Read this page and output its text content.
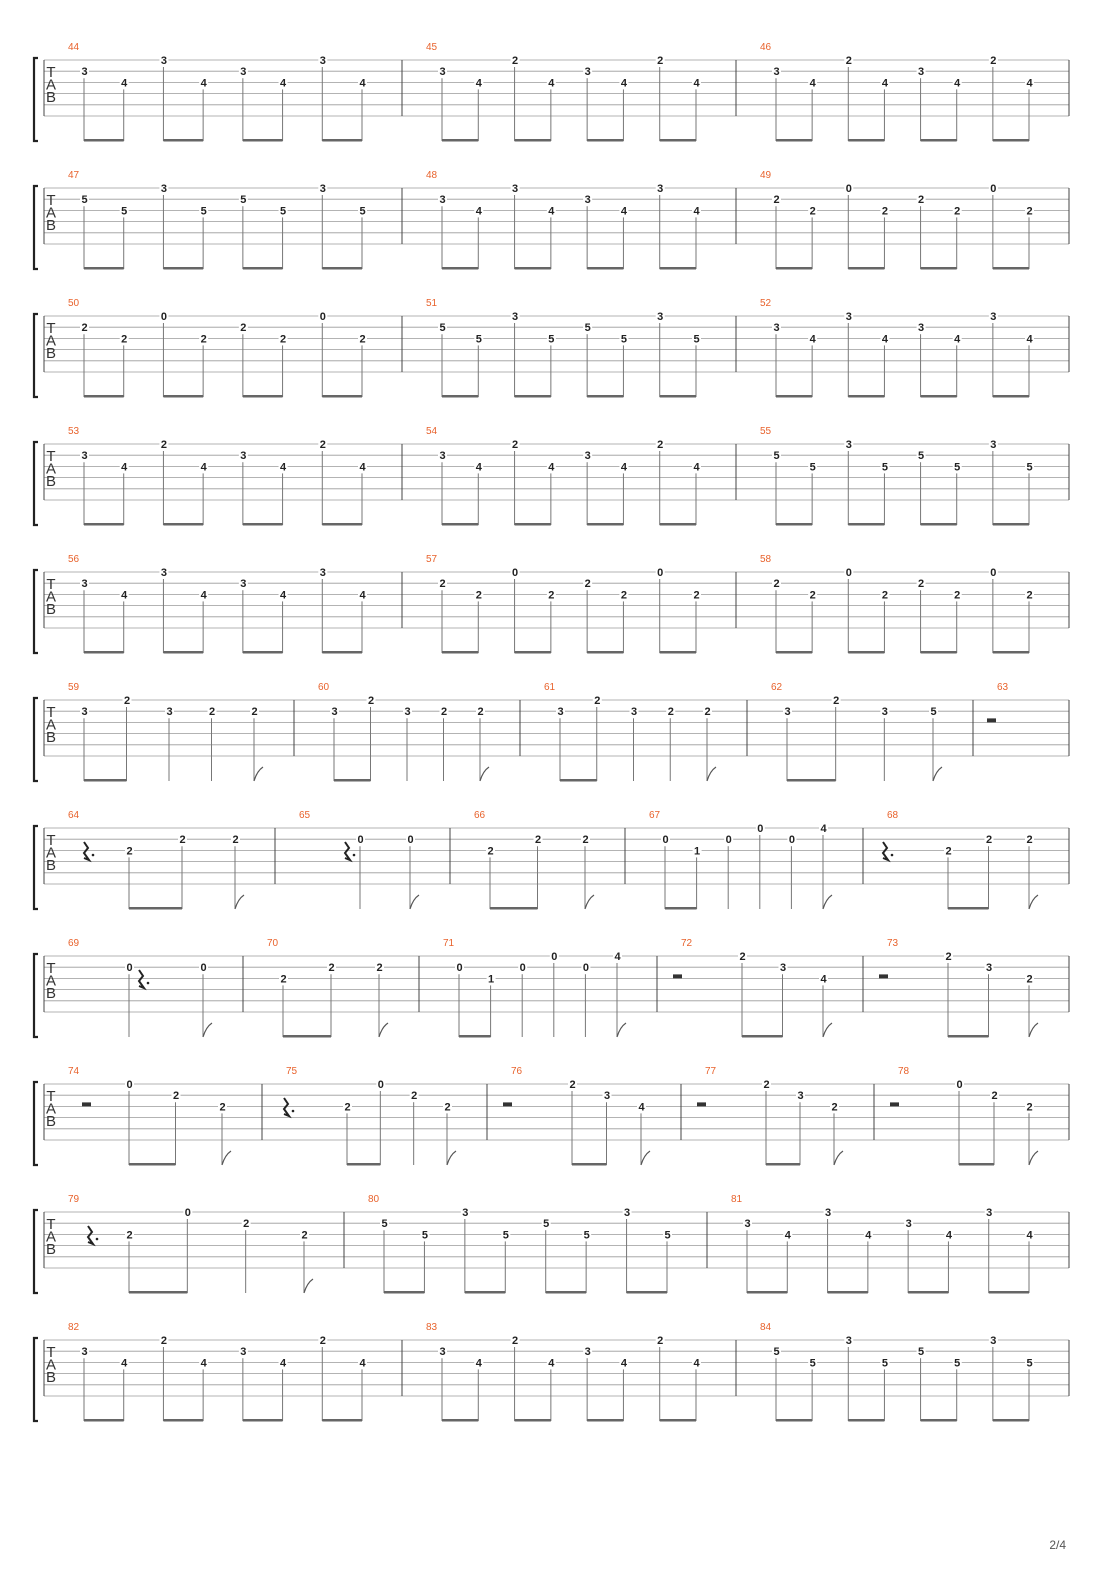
T
A
B
44
3
4
3
4
3
4
3
4
45
3
4
2
4
3
4
2
4
46
3
4
2
4
3
4
2
4
T
A
B
47
5
5
3
5
5
5
3
5
48
3
4
3
4
3
4
3
4
49
2
2
0
2
2
2
0
2
T
A
B
50
2
2
0
2
2
2
0
2
51
5
5
3
5
5
5
3
5
52
3
4
3
4
3
4
3
4
T
A
B
53
3
4
2
4
3
4
2
4
54
3
4
2
4
3
4
2
4
55
5
5
3
5
5
5
3
5
T
A
B
56
3
4
3
4
3
4
3
4
57
2
2
0
2
2
2
0
2
58
2
2
0
2
2
2
0
2
T
A
B
59
3
2
3	2	2
60
3
2
3	2	2
61
3
2
3	2	2
62
3
2
3	5
63
T
A
B
64
2
2	2
65
0	0
66
2
2	2
67
0
1
0
0
0
4
68
2
2	2
T
A
B
69
0	0
70
2
2	2
71
0
1
0
0
0
4
72
2
3
4
73
2
3
2
T
A
B
74
0
2
2
75
2
0
2
2
76
2
3
4
77
2
3
2
78
0
2
2
T
A
B
79
2
0
2
2
80
5
5
3
5
5
5
3
5
81
3
4
3
4
3
4
3
4
T
A
B
82
3
4
2
4
3
4
2
4
83
3
4
2
4
3
4
2
4
84
5
5
3
5
5
5
3
5
2/4
